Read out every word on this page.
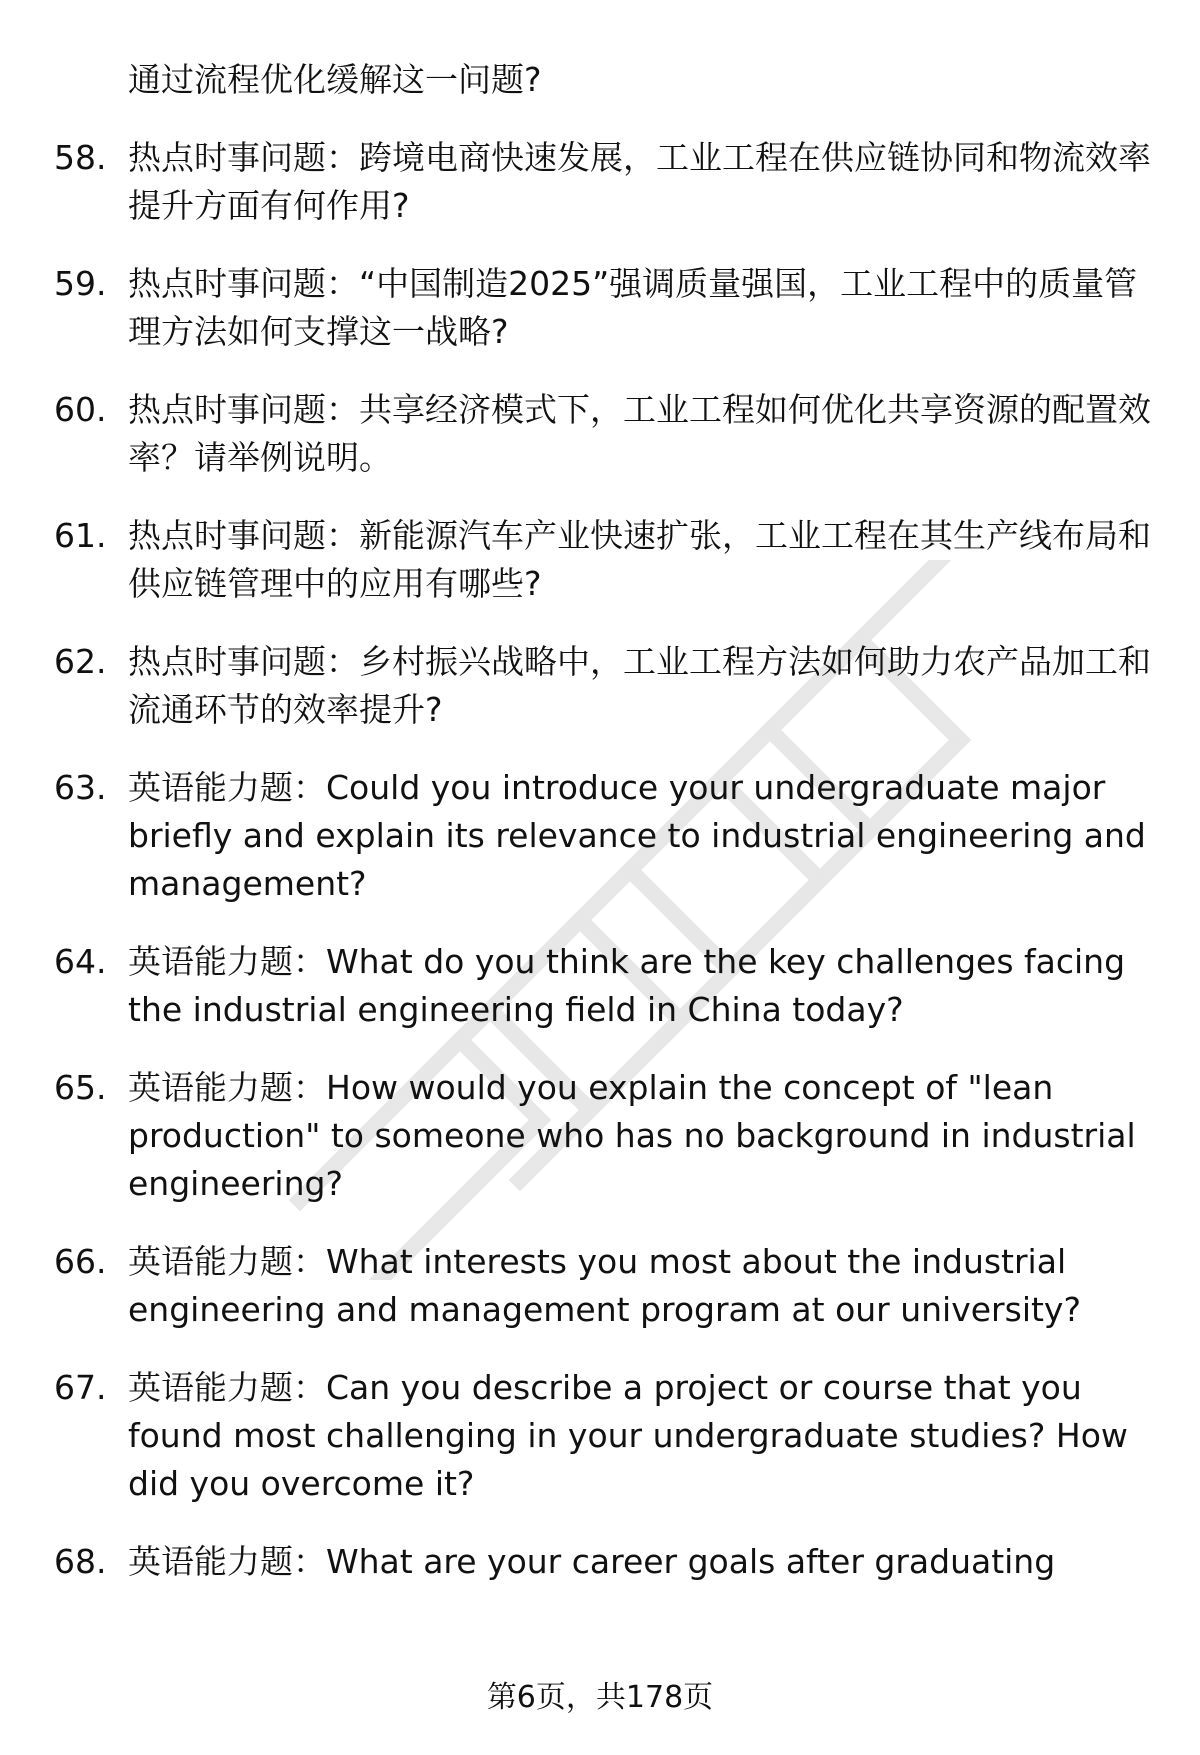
通过流程优化缓解这一问题?
58. 热点时事问题：跨境电商快速发展，工业工程在供应链协同和物流效率提升方面有何作用?
59. 热点时事问题：“中国制造2025”强调质量强国，工业工程中的质量管理方法如何支撑这一战略?
60. 热点时事问题：共享经济模式下，工业工程如何优化共享资源的配置效率？请举例说明。
61. 热点时事问题：新能源汽车产业快速扩张，工业工程在其生产线布局和供应链管理中的应用有哪些?
62. 热点时事问题：乡村振兴战略中，工业工程方法如何助力农产品加工和流通环节的效率提升?
63. 英语能力题：Could you introduce your undergraduate major briefly and explain its relevance to industrial engineering and management?
64. 英语能力题：What do you think are the key challenges facing the industrial engineering field in China today?
65. 英语能力题：How would you explain the concept of "lean production" to someone who has no background in industrial engineering?
66. 英语能力题：What interests you most about the industrial engineering and management program at our university?
67. 英语能力题：Can you describe a project or course that you found most challenging in your undergraduate studies? How did you overcome it?
68. 英语能力题：What are your career goals after graduating
第6页，共178页
